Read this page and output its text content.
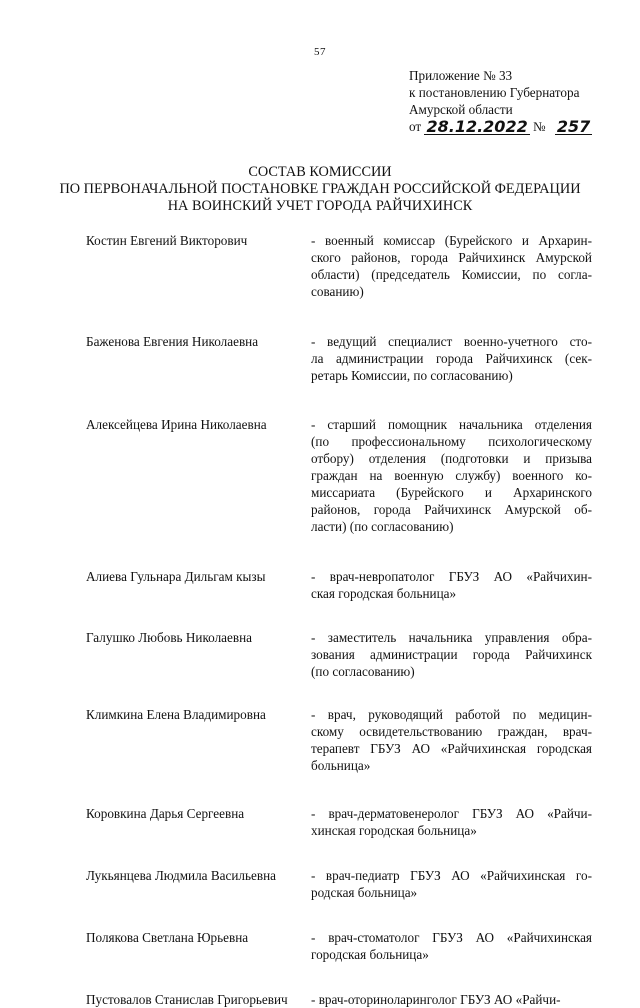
57
Приложение № 33
к постановлению Губернатора
Амурской области
от 28.12.2022 № 257
СОСТАВ КОМИССИИ
ПО ПЕРВОНАЧАЛЬНОЙ ПОСТАНОВКЕ ГРАЖДАН РОССИЙСКОЙ ФЕДЕРАЦИИ
НА ВОИНСКИЙ УЧЕТ ГОРОДА РАЙЧИХИНСК
Костин Евгений Викторович	- военный комиссар (Бурейского и Архарин-
ского районов, города Райчихинск Амурской
области) (председатель Комиссии, по согла-
сованию)
Баженова Евгения Николаевна	- ведущий специалист военно-учетного сто-
ла администрации города Райчихинск (сек-
ретарь Комиссии, по согласованию)
Алексейцева Ирина Николаевна	- старший помощник начальника отделения
(по профессиональному психологическому
отбору) отделения (подготовки и призыва
граждан на военную службу) военного ко-
миссариата (Бурейского и Архаринского
районов, города Райчихинск Амурской об-
ласти) (по согласованию)
Алиева Гульнара Дильгам кызы	- врач-невропатолог ГБУЗ АО «Райчихин-
ская городская больница»
Галушко Любовь Николаевна	- заместитель начальника управления обра-
зования администрации города Райчихинск
(по согласованию)
Климкина Елена Владимировна	- врач, руководящий работой по медицин-
скому освидетельствованию граждан, врач-
терапевт ГБУЗ АО «Райчихинская городская
больница»
Коровкина Дарья Сергеевна	- врач-дерматовенеролог ГБУЗ АО «Райчи-
хинская городская больница»
Лукьянцева Людмила Васильевна	- врач-педиатр ГБУЗ АО «Райчихинская го-
родская больница»
Полякова Светлана Юрьевна	- врач-стоматолог ГБУЗ АО «Райчихинская
городская больница»
Пустовалов Станислав Григорьевич	- врач-оториноларинголог ГБУЗ АО «Райчи-
